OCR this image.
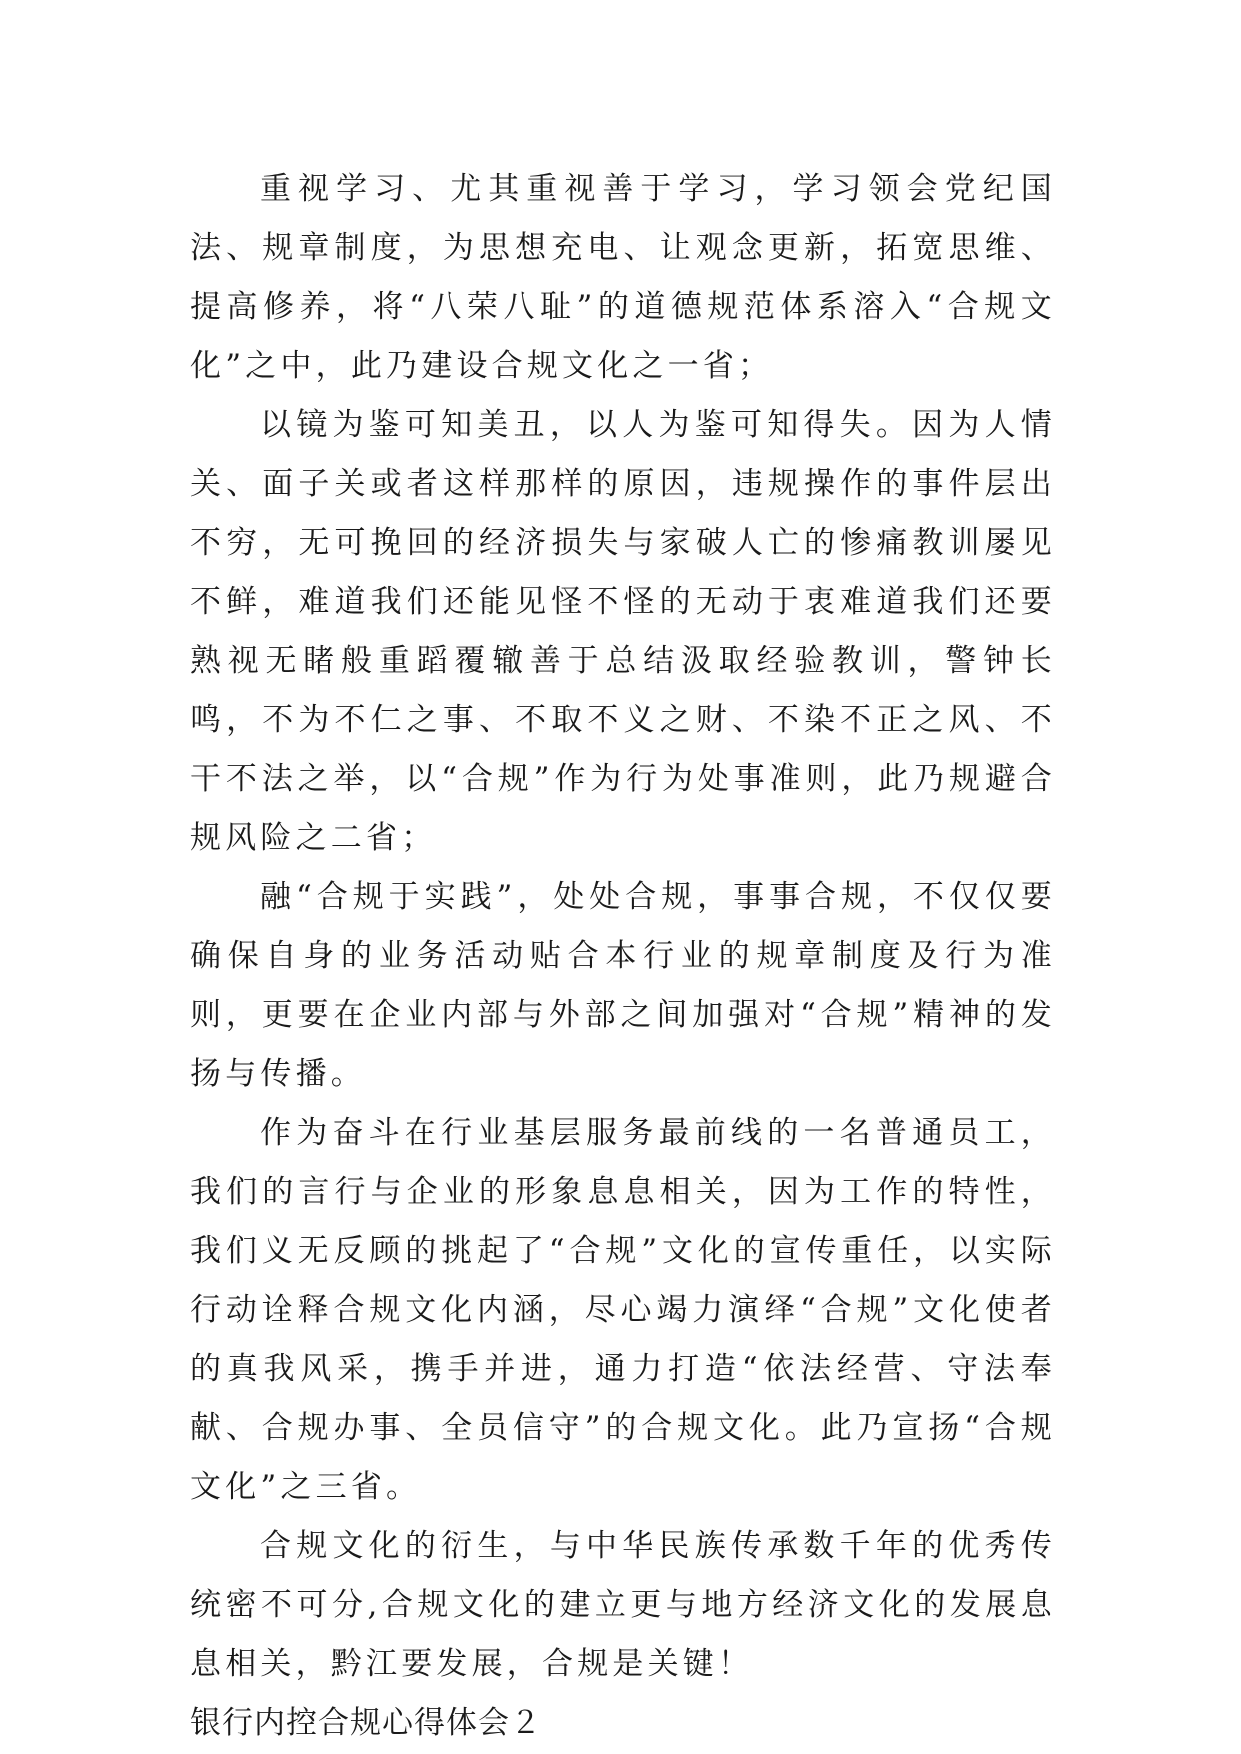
重视学习、尤其重视善于学习，学习领会党纪国法、规章制度，为思想充电、让观念更新，拓宽思维、提高修养，将“八荣八耻”的道德规范体系溶入“合规文化”之中，此乃建设合规文化之一省；

以镜为鉴可知美丑，以人为鉴可知得失。因为人情关、面子关或者这样那样的原因，违规操作的事件层出不穷，无可挽回的经济损失与家破人亡的惨痛教训屡见不鲜，难道我们还能见怪不怪的无动于衷难道我们还要熟视无睹般重蹈覆辙善于总结汲取经验教训，警钟长鸣，不为不仁之事、不取不义之财、不染不正之风、不干不法之举，以“合规”作为行为处事准则，此乃规避合规风险之二省；

融“合规于实践”，处处合规，事事合规，不仅仅要确保自身的业务活动贴合本行业的规章制度及行为准则，更要在企业内部与外部之间加强对“合规”精神的发扬与传播。

作为奋斗在行业基层服务最前线的一名普通员工，我们的言行与企业的形象息息相关，因为工作的特性，我们义无反顾的挑起了“合规”文化的宣传重任，以实际行动诠释合规文化内涵，尽心竭力演绎“合规”文化使者的真我风采，携手并进，通力打造“依法经营、守法奉献、合规办事、全员信守”的合规文化。此乃宣扬“合规文化”之三省。

合规文化的衍生，与中华民族传承数千年的优秀传统密不可分,合规文化的建立更与地方经济文化的发展息息相关，黔江要发展，合规是关键！

银行内控合规心得体会２
